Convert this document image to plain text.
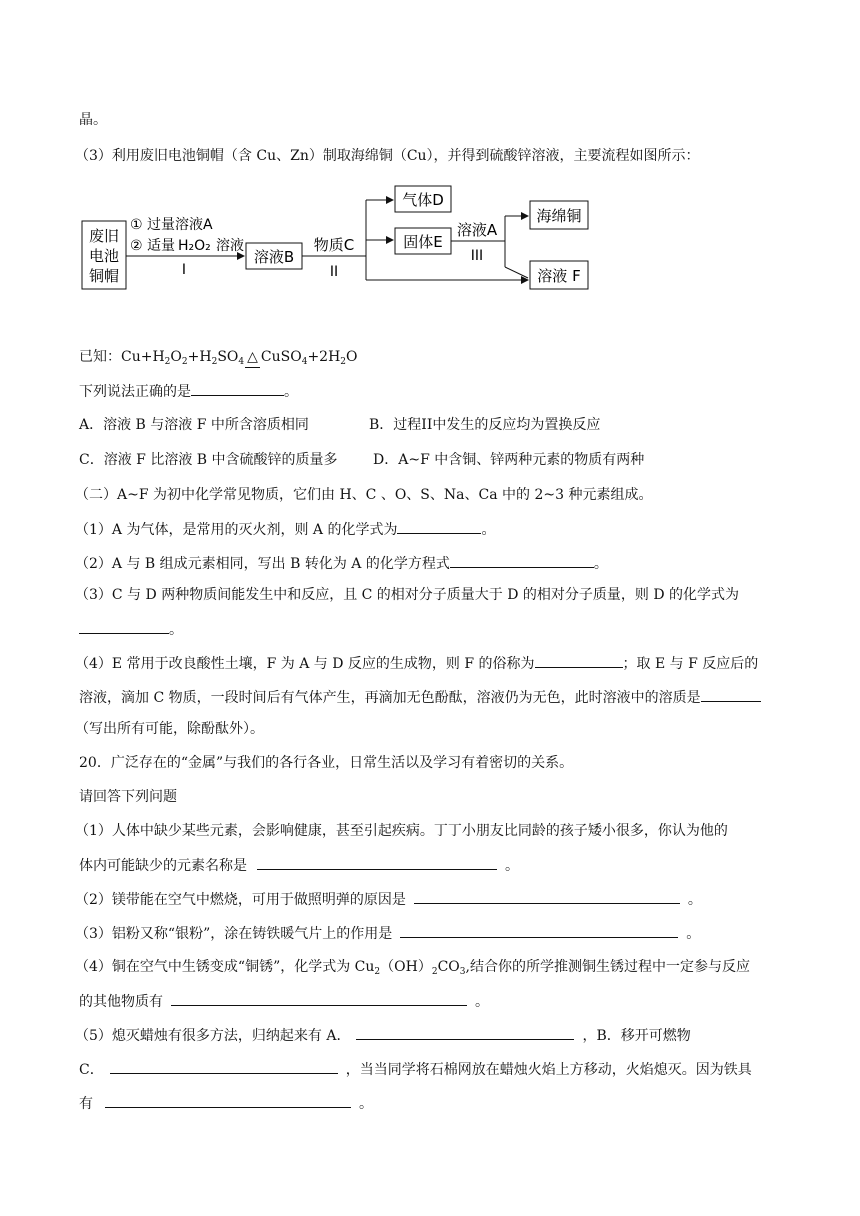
晶。
（3）利用废旧电池铜帽（含 Cu、Zn）制取海绵铜（Cu），并得到硫酸锌溶液，主要流程如图所示：
废旧
电池
铜帽
① 过量溶液A
② 适量 H₂O₂ 溶液
I
溶液B
物质C
II
气体D
固体E
溶液A
III
海绵铜
溶液 F
已知：$Cu+H_2O_2+H_2SO_4$ △ $CuSO_4+2H_2O$
下列说法正确的是	。
A．溶液 B 与溶液 F 中所含溶质相同	B．过程II中发生的反应均为置换反应
C．溶液 F 比溶液 B 中含硫酸锌的质量多	D．A~F 中含铜、锌两种元素的物质有两种
（二）A~F 为初中化学常见物质，它们由 H、C 、O、S、Na、Ca 中的 2~3 种元素组成。
（1）A 为气体，是常用的灭火剂，则 A 的化学式为	。
（2）A 与 B 组成元素相同，写出 B 转化为 A 的化学方程式	。
（3）C 与 D 两种物质间能发生中和反应，且 C 的相对分子质量大于 D 的相对分子质量，则 D 的化学式为
。
（4）E 常用于改良酸性土壤，F 为 A 与 D 反应的生成物，则 F 的俗称为	；取 E 与 F 反应后的
溶液，滴加 C 物质，一段时间后有气体产生，再滴加无色酚酞，溶液仍为无色，此时溶液中的溶质是
（写出所有可能，除酚酞外）。
20．广泛存在的“金属”与我们的各行各业，日常生活以及学习有着密切的关系。
请回答下列问题
（1）人体中缺少某些元素，会影响健康，甚至引起疾病。丁丁小朋友比同龄的孩子矮小很多，你认为他的
体内可能缺少的元素名称是	。
（2）镁带能在空气中燃烧，可用于做照明弹的原因是	。
（3）铝粉又称“银粉”，涂在铸铁暖气片上的作用是	。
（4）铜在空气中生锈变成“铜锈”，化学式为 $Cu_2(OH)_2CO_3$,结合你的所学推测铜生锈过程中一定参与反应
的其他物质有	。
（5）熄灭蜡烛有很多方法，归纳起来有 A．	，B．移开可燃物
C．	，当当同学将石棉网放在蜡烛火焰上方移动，火焰熄灭。因为铁具
有	。
